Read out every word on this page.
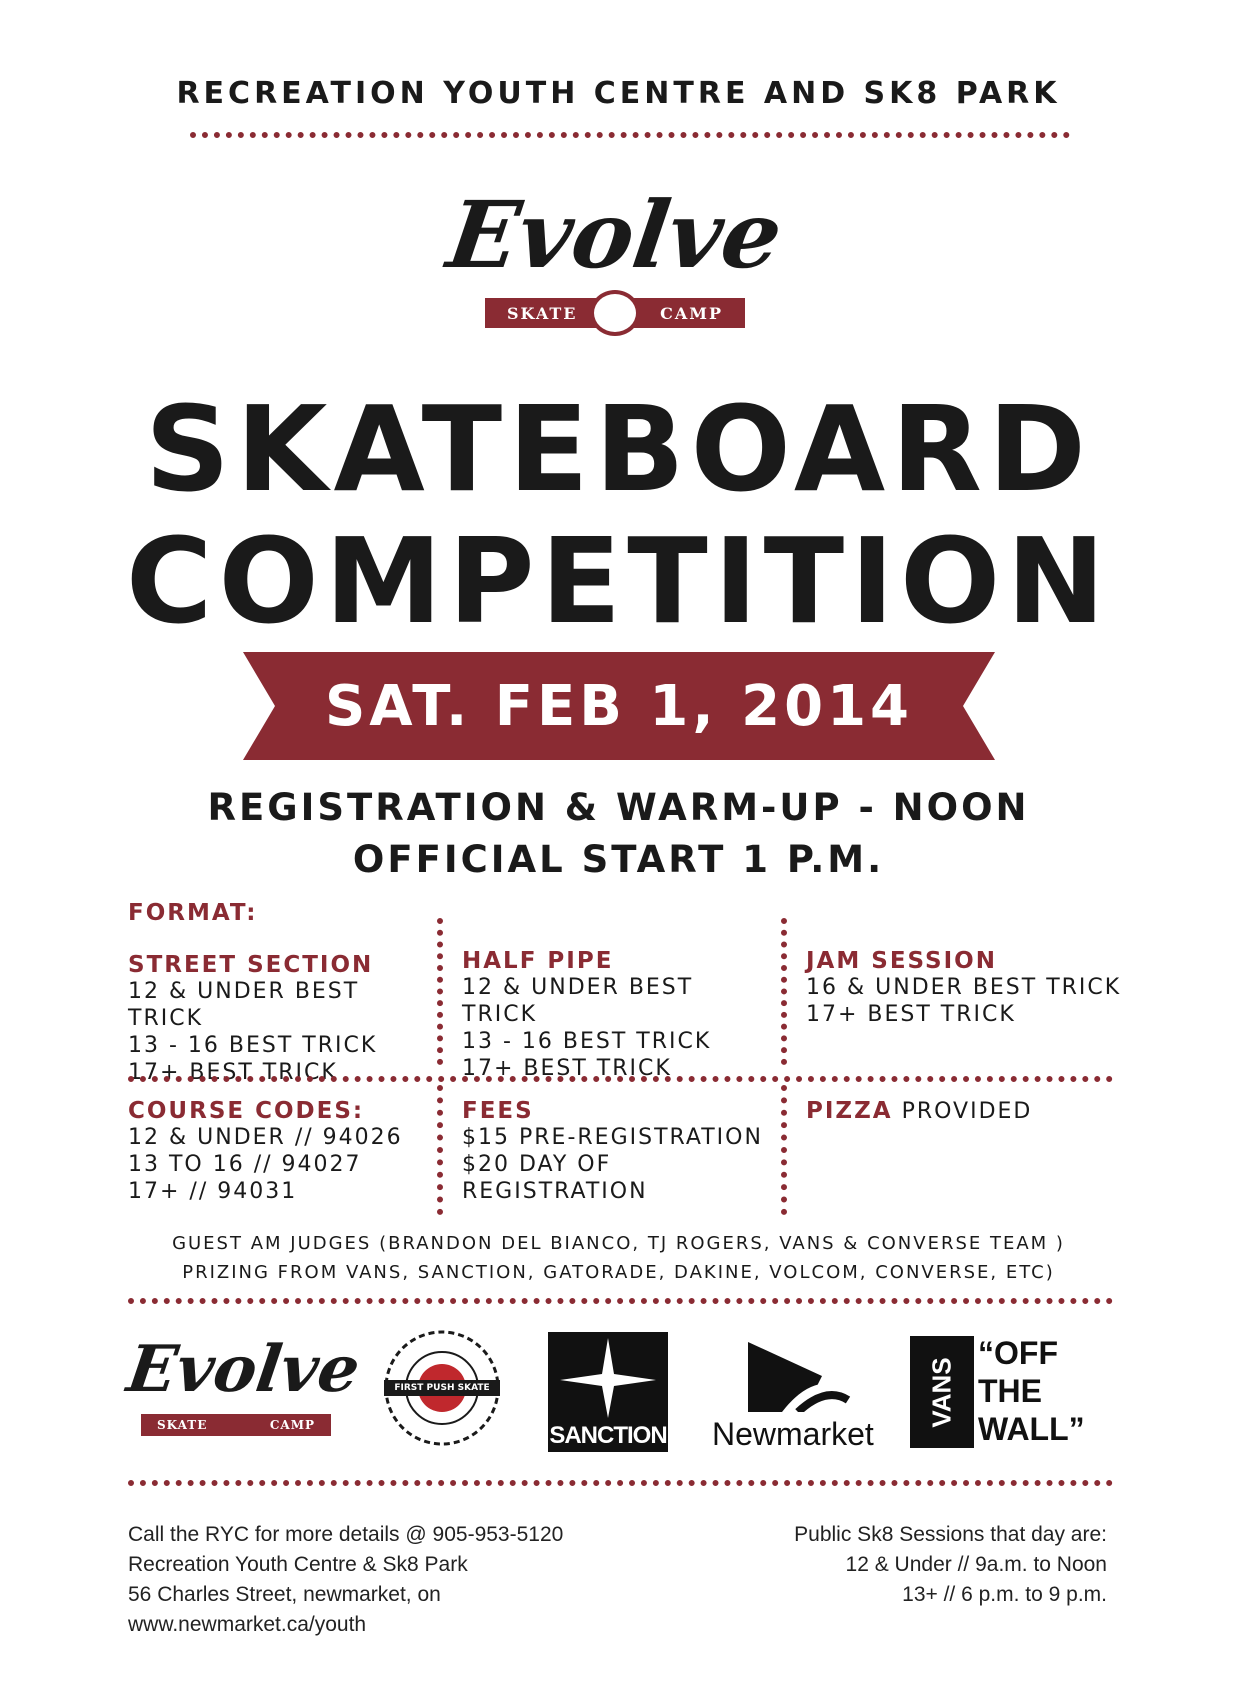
RECREATION YOUTH CENTRE AND SK8 PARK
Evolve
SKATE	CAMP
SKATEBOARD
COMPETITION
SAT. FEB 1, 2014
REGISTRATION & WARM-UP - NOON
OFFICIAL START 1 P.M.
FORMAT:
STREET SECTION
12 & UNDER BEST TRICK
13 - 16 BEST TRICK
17+ BEST TRICK
HALF PIPE
12 & UNDER BEST TRICK
13 - 16 BEST TRICK
17+ BEST TRICK
JAM SESSION
16 & UNDER BEST TRICK
17+ BEST TRICK
COURSE CODES:
12 & UNDER // 94026
13 TO 16 // 94027
17+ // 94031
FEES
$15 PRE-REGISTRATION
$20 DAY OF REGISTRATION
PIZZA PROVIDED
GUEST AM JUDGES (BRANDON DEL BIANCO, TJ ROGERS, VANS & CONVERSE TEAM )
PRIZING FROM VANS, SANCTION, GATORADE, DAKINE, VOLCOM, CONVERSE, ETC)
Evolve
SKATE	CAMP
FIRST PUSH SKATE
SANCTION Newmarket
VANS
“OFF
THE
WALL”
Call the RYC for more details @ 905-953-5120
Recreation Youth Centre & Sk8 Park
56 Charles Street, newmarket, on
www.newmarket.ca/youth
Public Sk8 Sessions that day are:
12 & Under // 9a.m. to Noon
13+ // 6 p.m. to 9 p.m.
